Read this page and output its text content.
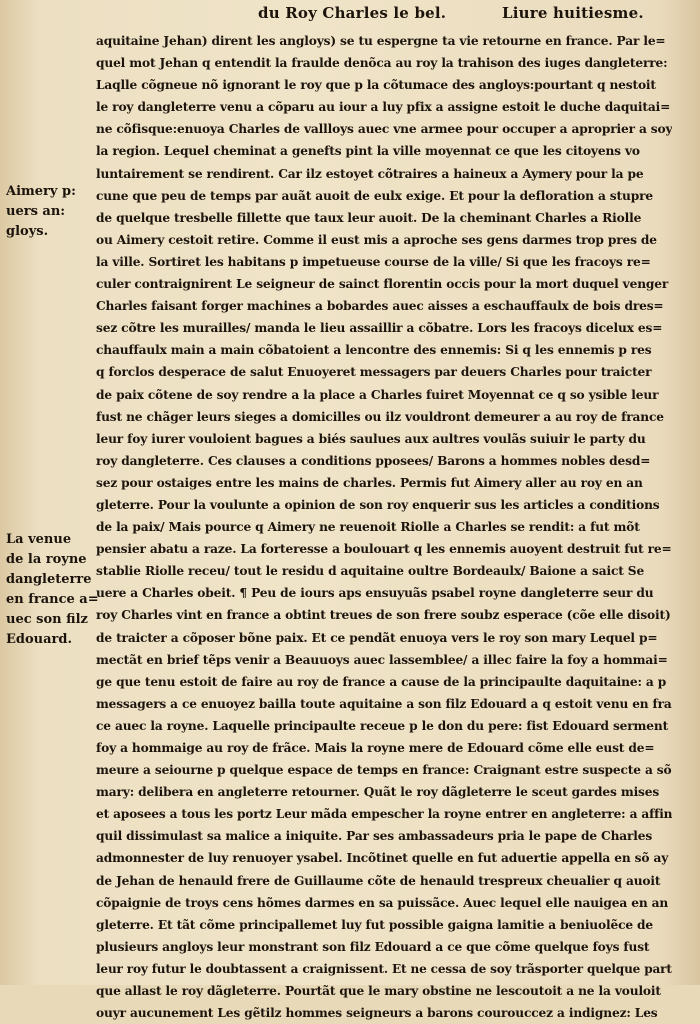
du Roy Charles le bel.	Liure huitiesme.
Aimery p:
uers an:
gloys.
La venue
de la royne
dangleterre
en france a=
uec son filz
Edouard.
aquitaine Jehan) dirent les angloys) se tu espergne ta vie retourne en france. Par le=
quel mot Jehan q entendit la fraulde denõca au roy la trahison des iuges dangleterre:
Laqlle cõgneue nõ ignorant le roy que p la cõtumace des angloys:pourtant q nestoit
le roy dangleterre venu a cõparu au iour a luy pfix a assigne estoit le duche daquitai=
ne cõfisque:enuoya Charles de vallloys auec vne armee pour occuper a aproprier a soy
la region. Lequel cheminat a genefts pint la ville moyennat ce que les citoyens vo
luntairement se rendirent. Car ilz estoyet cõtraires a haineux a Aymery pour la pe
cune que peu de temps par auãt auoit de eulx exige. Et pour la defloration a stupre
de quelque tresbelle fillette que taux leur auoit. De la cheminant Charles a Riolle
ou Aimery cestoit retire. Comme il eust mis a aproche ses gens darmes trop pres de
la ville. Sortiret les habitans p impetueuse course de la ville/ Si que les fracoys re=
culer contraignirent Le seigneur de sainct florentin occis pour la mort duquel venger
Charles faisant forger machines a bobardes auec aisses a eschauffaulx de bois dres=
sez cõtre les murailles/ manda le lieu assaillir a cõbatre. Lors les fracoys dicelux es=
chauffaulx main a main cõbatoient a lencontre des ennemis: Si q les ennemis p res
q forclos desperace de salut Enuoyeret messagers par deuers Charles pour traicter
de paix cõtene de soy rendre a la place a Charles fuiret Moyennat ce q so ysible leur
fust ne chãger leurs sieges a domicilles ou ilz vouldront demeurer a au roy de france
leur foy iurer vouloient bagues a biés saulues aux aultres voulãs suiuir le party du
roy dangleterre. Ces clauses a conditions pposees/ Barons a hommes nobles desd=
sez pour ostaiges entre les mains de charles. Permis fut Aimery aller au roy en an
gleterre. Pour la voulunte a opinion de son roy enquerir sus les articles a conditions
de la paix/ Mais pource q Aimery ne reuenoit Riolle a Charles se rendit: a fut mõt
pensier abatu a raze. La forteresse a boulouart q les ennemis auoyent destruit fut re=
stablie Riolle receu/ tout le residu d aquitaine oultre Bordeaulx/ Baione a saict Se
uere a Charles obeit. ¶ Peu de iours aps ensuyuãs psabel royne dangleterre seur du
roy Charles vint en france a obtint treues de son frere soubz esperace (cõe elle disoit)
de traicter a cõposer bõne paix. Et ce pendãt enuoya vers le roy son mary Lequel p=
mectãt en brief tẽps venir a Beauuoys auec lassemblee/ a illec faire la foy a hommai=
ge que tenu estoit de faire au roy de france a cause de la principaulte daquitaine: a p
messagers a ce enuoyez bailla toute aquitaine a son filz Edouard a q estoit venu en fra
ce auec la royne. Laquelle principaulte receue p le don du pere: fist Edouard serment
foy a hommaige au roy de frãce. Mais la royne mere de Edouard cõme elle eust de=
meure a seiourne p quelque espace de temps en france: Craignant estre suspecte a sõ
mary: delibera en angleterre retourner. Quãt le roy dãgleterre le sceut gardes mises
et aposees a tous les portz Leur mãda empescher la royne entrer en angleterre: a affin
quil dissimulast sa malice a iniquite. Par ses ambassadeurs pria le pape de Charles
admonnester de luy renuoyer ysabel. Incõtinet quelle en fut aduertie appella en sõ ay
de Jehan de henauld frere de Guillaume cõte de henauld trespreux cheualier q auoit
cõpaignie de troys cens hõmes darmes en sa puissãce. Auec lequel elle nauigea en an
gleterre. Et tãt cõme principallemet luy fut possible gaigna lamitie a beniuolẽce de
plusieurs angloys leur monstrant son filz Edouard a ce que cõme quelque foys fust
leur roy futur le doubtassent a craignissent. Et ne cessa de soy trãsporter quelque part
que allast le roy dãgleterre. Pourtãt que le mary obstine ne lescoutoit a ne la vouloit
ouyr aucunement Les gẽtilz hommes seigneurs a barons courouccez a indignez: Les
